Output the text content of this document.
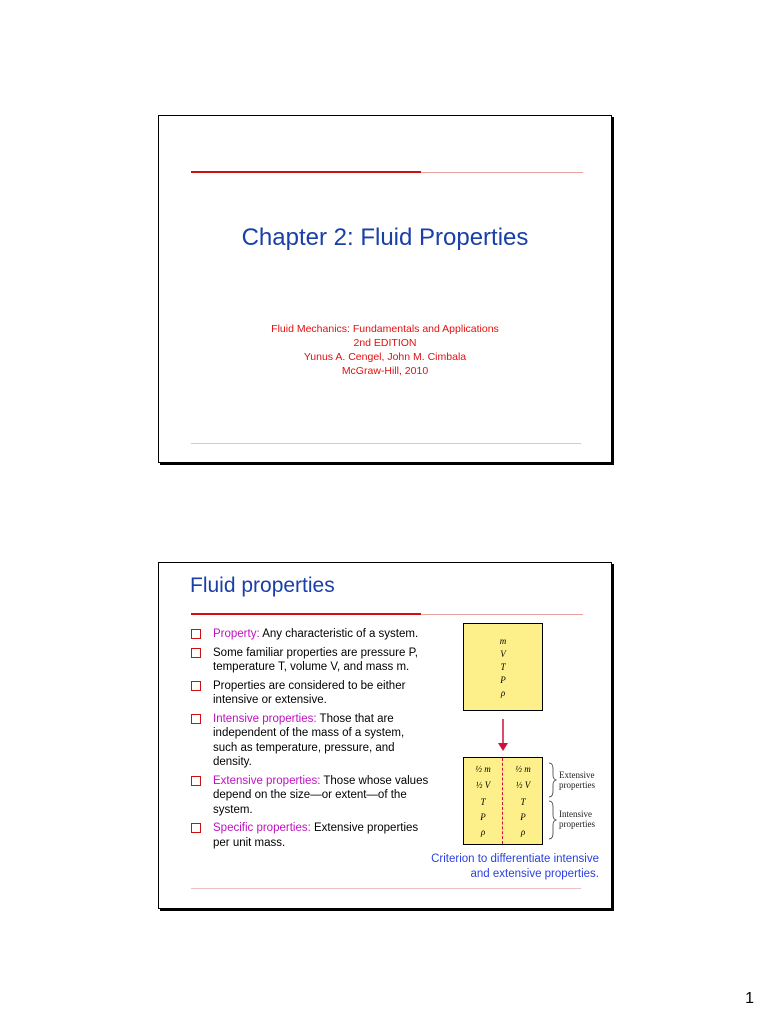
Chapter 2: Fluid Properties
Fluid Mechanics: Fundamentals and Applications
2nd EDITION
Yunus A. Cengel, John M. Cimbala
McGraw-Hill, 2010
Fluid properties
Property: Any characteristic of a system.
Some familiar properties are pressure P, temperature T, volume V, and mass m.
Properties are considered to be either intensive or extensive.
Intensive properties: Those that are independent of the mass of a system, such as temperature, pressure, and density.
Extensive properties: Those whose values depend on the size—or extent—of the system.
Specific properties: Extensive properties per unit mass.
m
V
T
P
ρ
½ m
½ V
T
P
ρ
½ m
½ V
T
P
ρ
Extensive properties
Intensive properties
Criterion to differentiate intensive
and extensive properties.
1
